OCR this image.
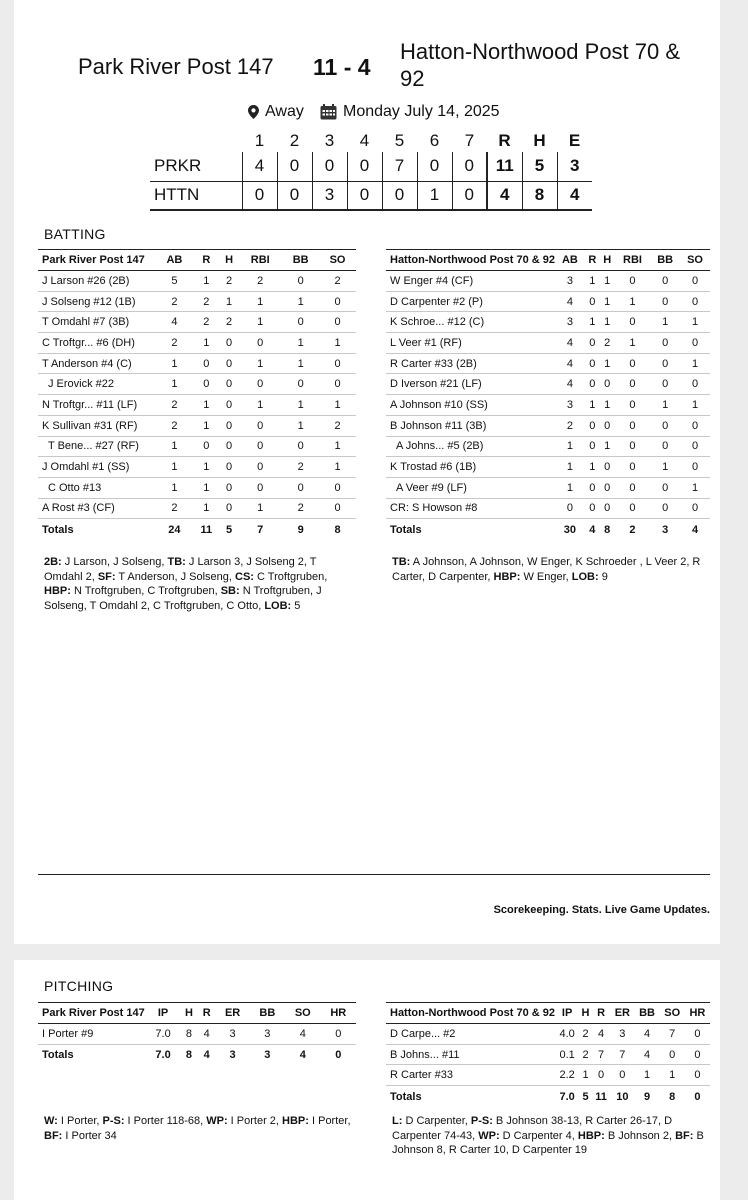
Park River Post 147 11 - 4
Hatton-Northwood Post 70 & 92
Away Monday July 14, 2025
	1	2	3	4	5	6	7	R	H	E
PRKR	4	0	0	0	7	0	0	11	5	3
HTTN	0	0	3	0	0	1	0	4	8	4
BATTING
Park River Post 147	AB	R	H	RBI	BB	SO
J Larson #26 (2B)	5	1	2	2	0	2
J Solseng #12 (1B)	2	2	1	1	1	0
T Omdahl #7 (3B)	4	2	2	1	0	0
C Troftgr... #6 (DH)	2	1	0	0	1	1
T Anderson #4 (C)	1	0	0	1	1	0
J Erovick #22	1	0	0	0	0	0
N Troftgr... #11 (LF)	2	1	0	1	1	1
K Sullivan #31 (RF)	2	1	0	0	1	2
T Bene... #27 (RF)	1	0	0	0	0	1
J Omdahl #1 (SS)	1	1	0	0	2	1
C Otto #13	1	1	0	0	0	0
A Rost #3 (CF)	2	1	0	1	2	0
Totals	24	11	5	7	9	8
Hatton-Northwood Post 70 & 92	AB	R	H	RBI	BB	SO
W Enger #4 (CF)	3	1	1	0	0	0
D Carpenter #2 (P)	4	0	1	1	0	0
K Schroe... #12 (C)	3	1	1	0	1	1
L Veer #1 (RF)	4	0	2	1	0	0
R Carter #33 (2B)	4	0	1	0	0	1
D Iverson #21 (LF)	4	0	0	0	0	0
A Johnson #10 (SS)	3	1	1	0	1	1
B Johnson #11 (3B)	2	0	0	0	0	0
A Johns... #5 (2B)	1	0	1	0	0	0
K Trostad #6 (1B)	1	1	0	0	1	0
A Veer #9 (LF)	1	0	0	0	0	1
CR: S Howson #8	0	0	0	0	0	0
Totals	30	4	8	2	3	4
2B: J Larson, J Solseng, TB: J Larson 3, J Solseng 2, T Omdahl 2, SF: T Anderson, J Solseng, CS: C Troftgruben, HBP: N Troftgruben, C Troftgruben, SB: N Troftgruben, J Solseng, T Omdahl 2, C Troftgruben, C Otto, LOB: 5
TB: A Johnson, A Johnson, W Enger, K Schroeder , L Veer 2, R Carter, D Carpenter, HBP: W Enger, LOB: 9
Scorekeeping. Stats. Live Game Updates.
PITCHING
Park River Post 147	IP	H	R	ER	BB	SO	HR
I Porter #9	7.0	8	4	3	3	4	0
Totals	7.0	8	4	3	3	4	0
Hatton-Northwood Post 70 & 92	IP	H	R	ER	BB	SO	HR
D Carpe... #2	4.0	2	4	3	4	7	0
B Johns... #11	0.1	2	7	7	4	0	0
R Carter #33	2.2	1	0	0	1	1	0
Totals	7.0	5	11	10	9	8	0
W: I Porter, P-S: I Porter 118-68, WP: I Porter 2, HBP: I Porter, BF: I Porter 34
L: D Carpenter, P-S: B Johnson 38-13, R Carter 26-17, D Carpenter 74-43, WP: D Carpenter 4, HBP: B Johnson 2, BF: B Johnson 8, R Carter 10, D Carpenter 19
